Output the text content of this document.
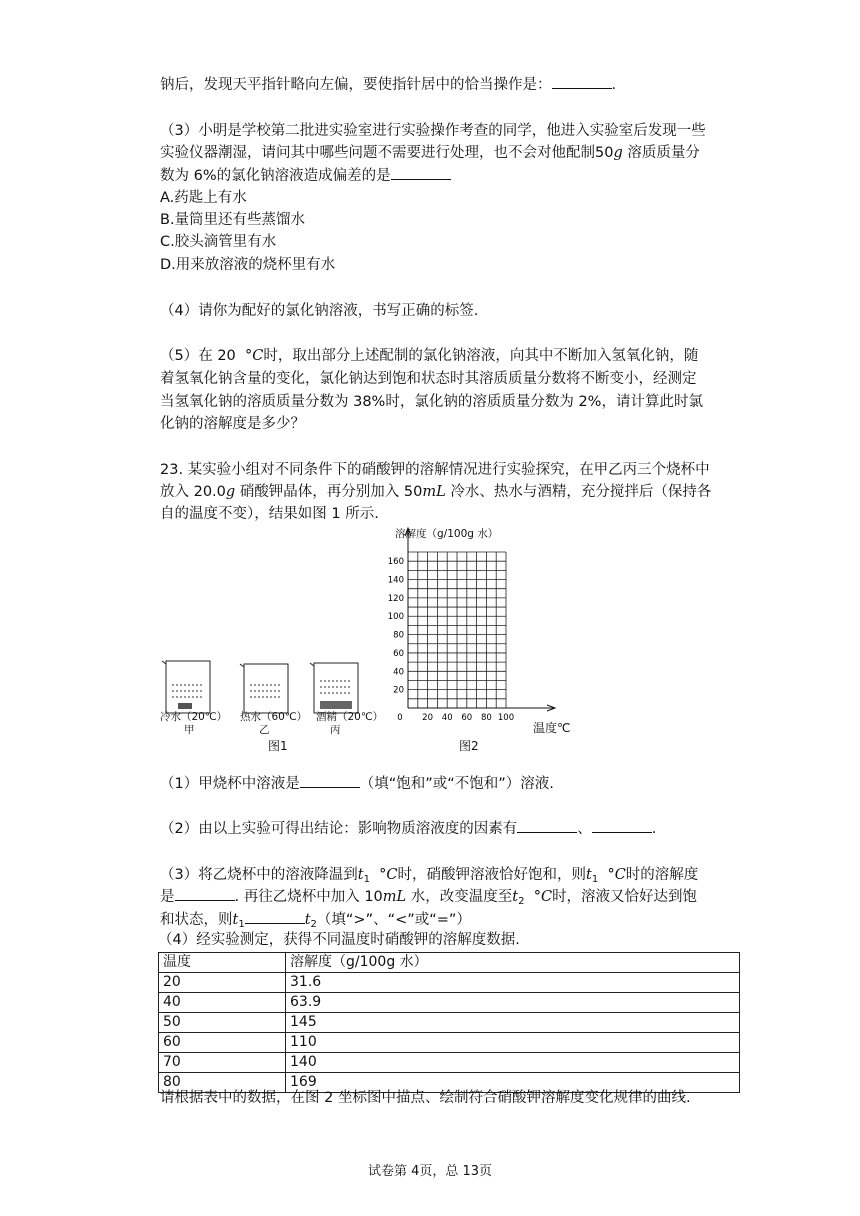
钠后，发现天平指针略向左偏，要使指针居中的恰当操作是：	.
（3）小明是学校第二批进实验室进行实验操作考查的同学，他进入实验室后发现一些
实验仪器潮湿，请问其中哪些问题不需要进行处理，也不会对他配制50g 溶质质量分
数为 6%的氯化钠溶液造成偏差的是
A.药匙上有水
B.量筒里还有些蒸馏水
C.胶头滴管里有水
D.用来放溶液的烧杯里有水
（4）请你为配好的氯化钠溶液，书写正确的标签.
（5）在 20 °C时，取出部分上述配制的氯化钠溶液，向其中不断加入氢氧化钠，随
着氢氧化钠含量的变化，氯化钠达到饱和状态时其溶质质量分数将不断变小，经测定
当氢氧化钠的溶质质量分数为 38%时，氯化钠的溶质质量分数为 2%，请计算此时氯
化钠的溶解度是多少？
23. 某实验小组对不同条件下的硝酸钾的溶解情况进行实验探究，在甲乙丙三个烧杯中
放入 20.0g 硝酸钾晶体，再分别加入 50mL 冷水、热水与酒精，充分搅拌后（保持各
自的温度不变），结果如图 1 所示.
冷水（20℃）
甲
热水（60℃）
乙
酒精（20℃）
丙
图1
160
140
120
100
80
60
40
20
0 20 40 60 80 100
溶解度（g/100g 水）
温度℃
图2
（1）甲烧杯中溶液是	（填“饱和”或“不饱和”）溶液.
（2）由以上实验可得出结论：影响物质溶液度的因素有	、	.
（3）将乙烧杯中的溶液降温到$t_1$ °C时，硝酸钾溶液恰好饱和，则$t_1$ °C时的溶解度
是	. 再往乙烧杯中加入 10mL 水，改变温度至$t_2$ °C时，溶液又恰好达到饱
和状态，则$t_1$	$t_2$（填“>”、“<”或“=”）
（4）经实验测定，获得不同温度时硝酸钾的溶解度数据.
温度	溶解度（g/100g 水）
20	31.6
40	63.9
50	145
60	110
70	140
80	169
请根据表中的数据，在图 2 坐标图中描点、绘制符合硝酸钾溶解度变化规律的曲线.
试卷第 4页，总 13页
